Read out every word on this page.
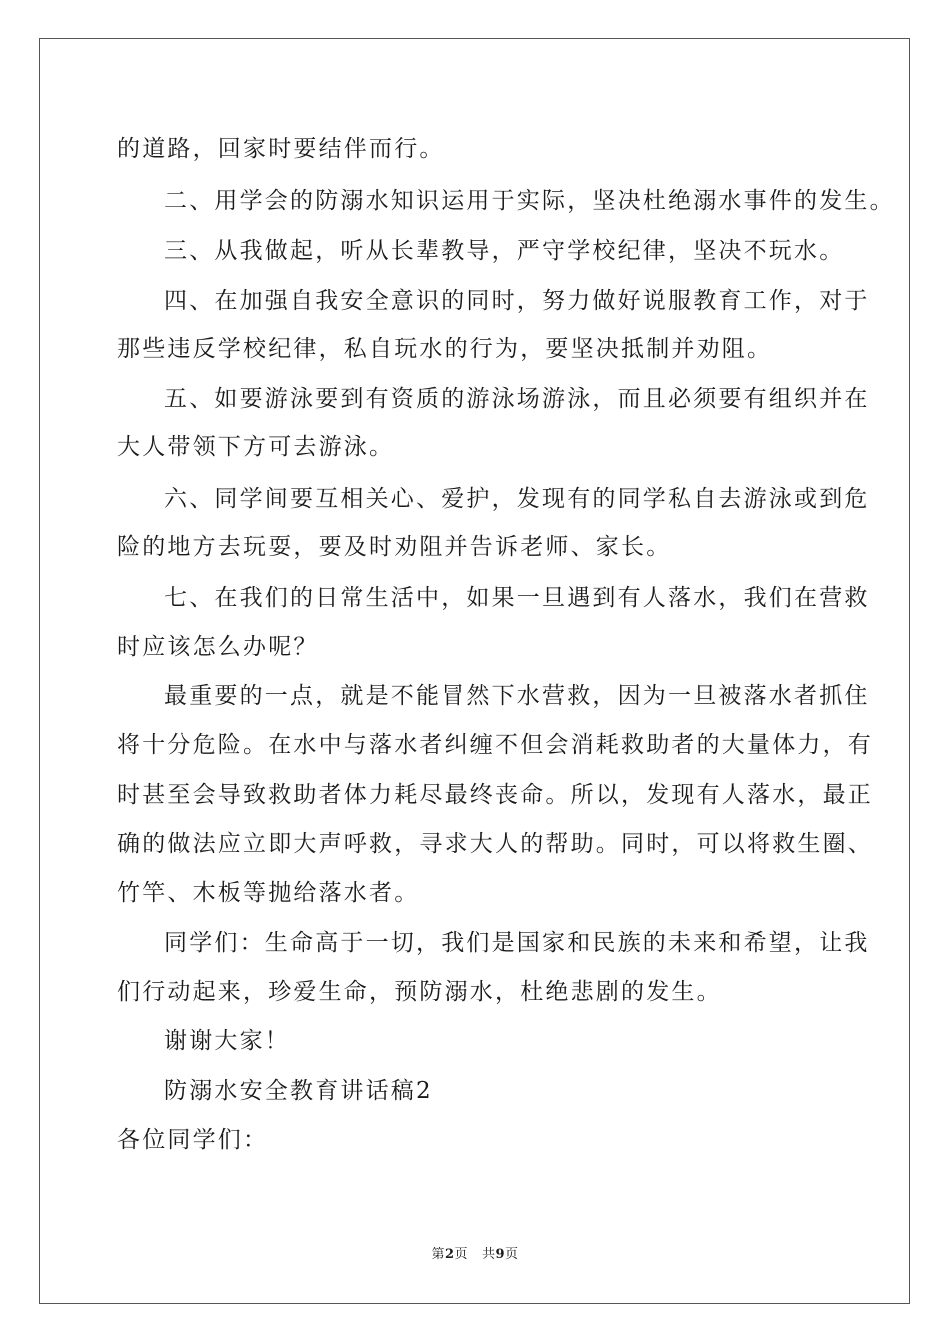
的道路，回家时要结伴而行。
二、用学会的防溺水知识运用于实际，坚决杜绝溺水事件的发生。
三、从我做起，听从长辈教导，严守学校纪律，坚决不玩水。
四、在加强自我安全意识的同时，努力做好说服教育工作，对于
那些违反学校纪律，私自玩水的行为，要坚决抵制并劝阻。
五、如要游泳要到有资质的游泳场游泳，而且必须要有组织并在
大人带领下方可去游泳。
六、同学间要互相关心、爱护，发现有的同学私自去游泳或到危
险的地方去玩耍，要及时劝阻并告诉老师、家长。
七、在我们的日常生活中，如果一旦遇到有人落水，我们在营救
时应该怎么办呢？
最重要的一点，就是不能冒然下水营救，因为一旦被落水者抓住
将十分危险。在水中与落水者纠缠不但会消耗救助者的大量体力，有
时甚至会导致救助者体力耗尽最终丧命。所以，发现有人落水，最正
确的做法应立即大声呼救，寻求大人的帮助。同时，可以将救生圈、
竹竿、木板等抛给落水者。
同学们：生命高于一切，我们是国家和民族的未来和希望，让我
们行动起来，珍爱生命，预防溺水，杜绝悲剧的发生。
谢谢大家！
防溺水安全教育讲话稿2
各位同学们：
第2页 共9页
